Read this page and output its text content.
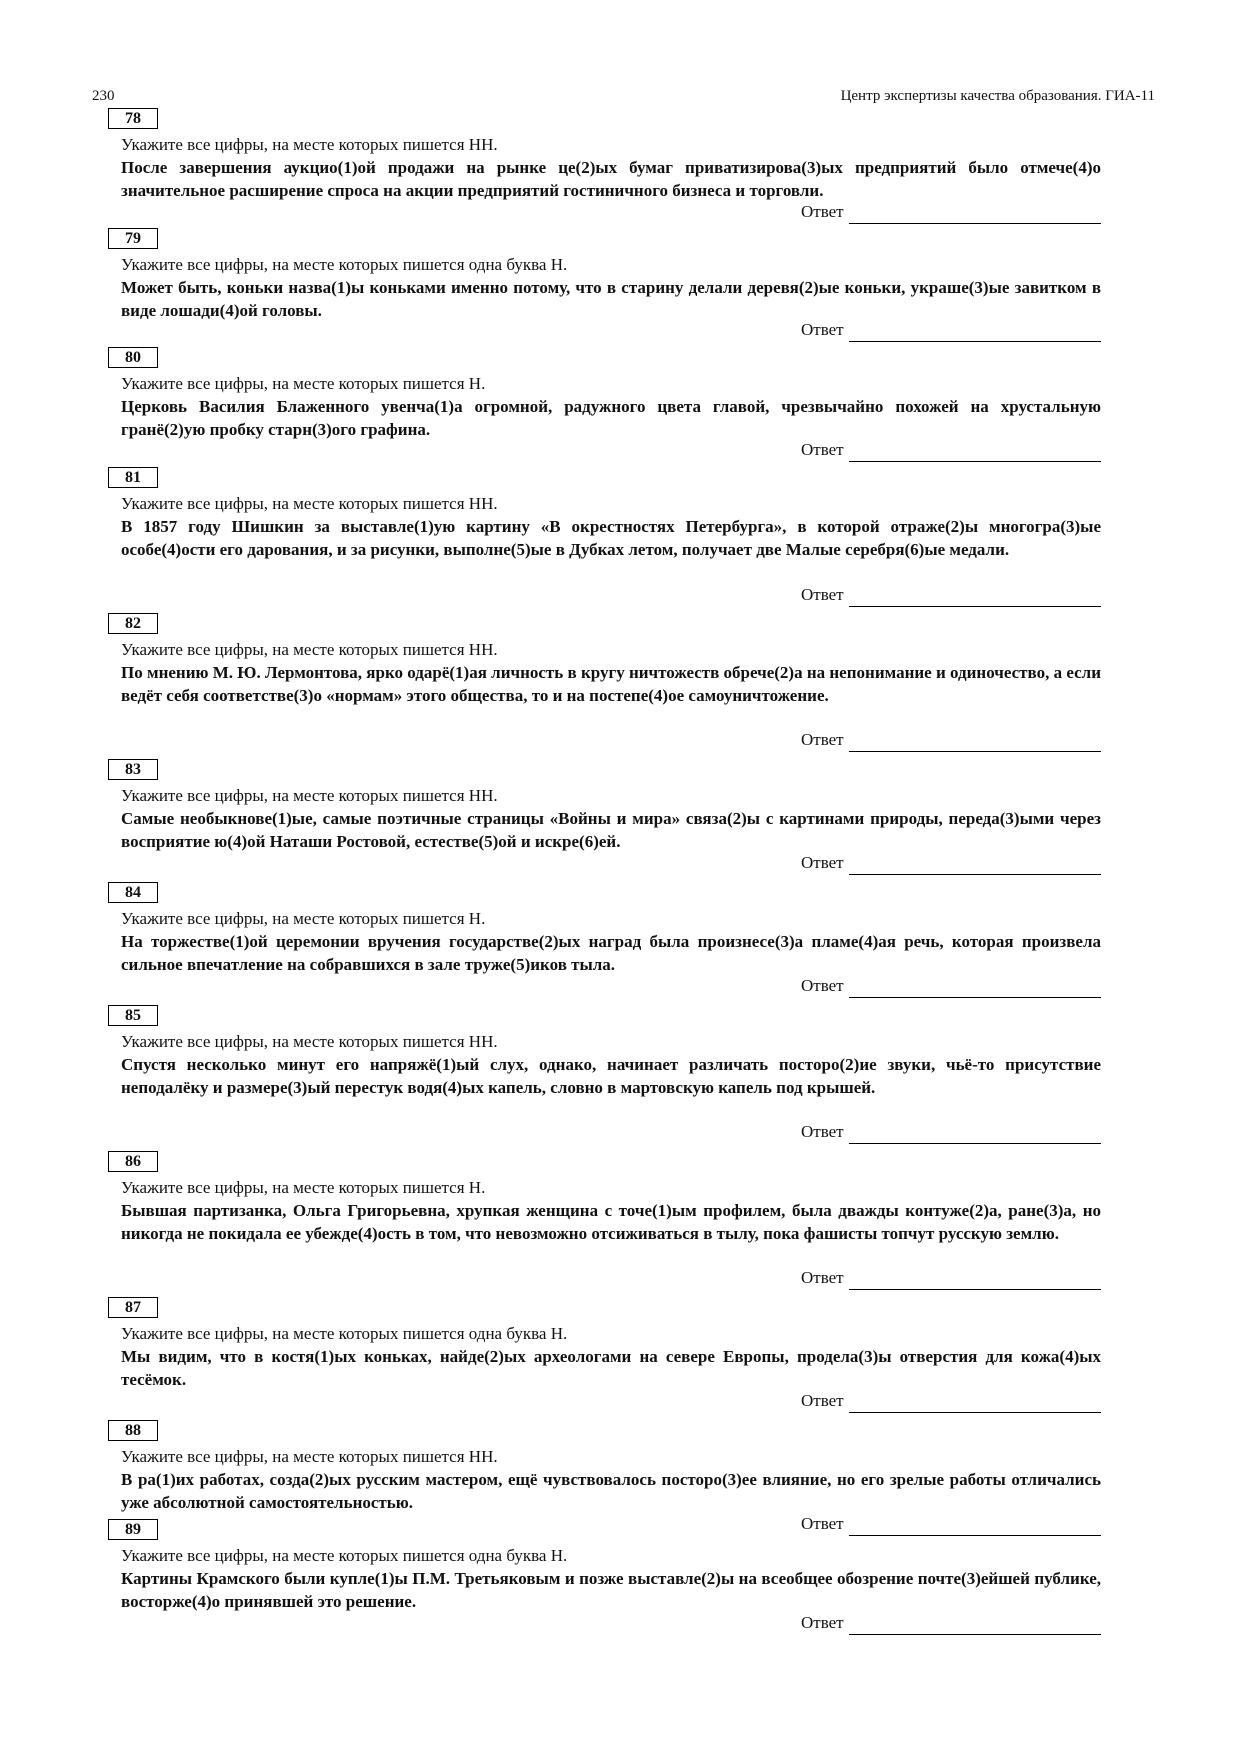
230	Центр экспертизы качества образования. ГИА-11
78
Укажите все цифры, на месте которых пишется НН.
После завершения аукцио(1)ой продажи на рынке це(2)ых бумаг приватизирова(3)ых предприятий было отмече(4)о значительное расширение спроса на акции предприятий гостиничного бизнеса и торговли.
Ответ
79
Укажите все цифры, на месте которых пишется одна буква Н.
Может быть, коньки назва(1)ы коньками именно потому, что в старину делали деревя(2)ые коньки, украше(3)ые завитком в виде лошади(4)ой головы.
Ответ
80
Укажите все цифры, на месте которых пишется Н.
Церковь Василия Блаженного увенча(1)а огромной, радужного цвета главой, чрезвычайно похожей на хрустальную гранё(2)ую пробку старн(3)ого графина.
Ответ
81
Укажите все цифры, на месте которых пишется НН.
В 1857 году Шишкин за выставле(1)ую картину «В окрестностях Петербурга», в которой отраже(2)ы многогра(3)ые особе(4)ости его дарования, и за рисунки, выполне(5)ые в Дубках летом, получает две Малые серебря(6)ые медали.
Ответ
82
Укажите все цифры, на месте которых пишется НН.
По мнению М. Ю. Лермонтова, ярко одарё(1)ая личность в кругу ничтожеств обрече(2)а на непонимание и одиночество, а если ведёт себя соответстве(3)о «нормам» этого общества, то и на постепе(4)ое самоуничтожение.
Ответ
83
Укажите все цифры, на месте которых пишется НН.
Самые необыкнове(1)ые, самые поэтичные страницы «Войны и мира» связа(2)ы с картинами природы, переда(3)ыми через восприятие ю(4)ой Наташи Ростовой, естестве(5)ой и искре(6)ей.
Ответ
84
Укажите все цифры, на месте которых пишется Н.
На торжестве(1)ой церемонии вручения государстве(2)ых наград была произнесе(3)а пламе(4)ая речь, которая произвела сильное впечатление на собравшихся в зале труже(5)иков тыла.
Ответ
85
Укажите все цифры, на месте которых пишется НН.
Спустя несколько минут его напряжё(1)ый слух, однако, начинает различать постoро(2)ие звуки, чьё-то присутствие неподалёку и размере(3)ый перестук водя(4)ых капель, словно в мартовскую капель под крышей.
Ответ
86
Укажите все цифры, на месте которых пишется Н.
Бывшая партизанка, Ольга Григорьевна, хрупкая женщина с точе(1)ым профилем, была дважды контуже(2)а, ране(3)а, но никогда не покидала ее убежде(4)ость в том, что невозможно отсиживаться в тылу, пока фашисты топчут русскую землю.
Ответ
87
Укажите все цифры, на месте которых пишется одна буква Н.
Мы видим, что в костя(1)ых коньках, найде(2)ых археологами на севере Европы, продела(3)ы отверстия для кожа(4)ых тесёмок.
Ответ
88
Укажите все цифры, на месте которых пишется НН.
В ра(1)их работах, созда(2)ых русским мастером, ещё чувствовалось посторо(3)ее влияние, но его зрелые работы отличались уже абсолютной самостоятельностью.
Ответ
89
Укажите все цифры, на месте которых пишется одна буква Н.
Картины Крамского были купле(1)ы П.М. Третьяковым и позже выставле(2)ы на всеобщее обозрение почте(3)ейшей публике, восторже(4)о принявшей это решение.
Ответ
